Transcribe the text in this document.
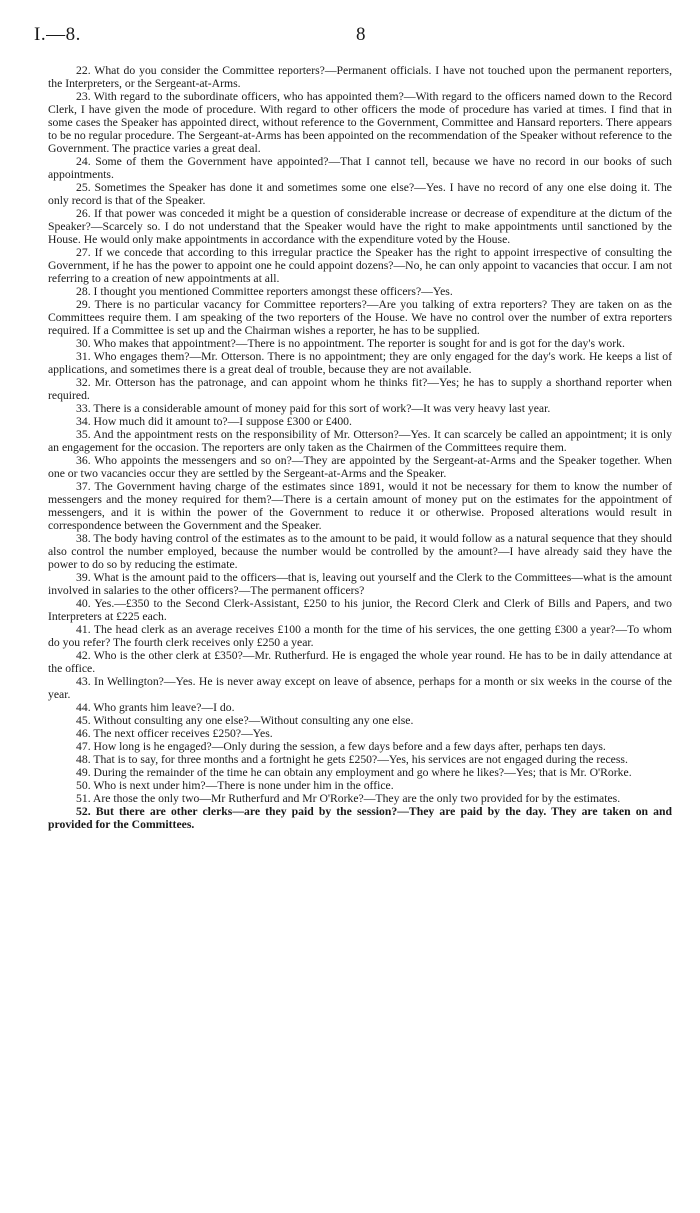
I.—8.	8

22. What do you consider the Committee reporters?—Permanent officials. I have not touched upon the permanent reporters, the Interpreters, or the Sergeant-at-Arms.

23. With regard to the subordinate officers, who has appointed them?—With regard to the officers named down to the Record Clerk, I have given the mode of procedure. With regard to other officers the mode of procedure has varied at times. I find that in some cases the Speaker has appointed direct, without reference to the Government, Committee and Hansard reporters. There appears to be no regular procedure. The Sergeant-at-Arms has been appointed on the recommendation of the Speaker without reference to the Government. The practice varies a great deal.

24. Some of them the Government have appointed?—That I cannot tell, because we have no record in our books of such appointments.

25. Sometimes the Speaker has done it and sometimes some one else?—Yes. I have no record of any one else doing it. The only record is that of the Speaker.

26. If that power was conceded it might be a question of considerable increase or decrease of expenditure at the dictum of the Speaker?—Scarcely so. I do not understand that the Speaker would have the right to make appointments until sanctioned by the House. He would only make appointments in accordance with the expenditure voted by the House.

27. If we concede that according to this irregular practice the Speaker has the right to appoint irrespective of consulting the Government, if he has the power to appoint one he could appoint dozens?—No, he can only appoint to vacancies that occur. I am not referring to a creation of new appointments at all.

28. I thought you mentioned Committee reporters amongst these officers?—Yes.

29. There is no particular vacancy for Committee reporters?—Are you talking of extra reporters? They are taken on as the Committees require them. I am speaking of the two reporters of the House. We have no control over the number of extra reporters required. If a Committee is set up and the Chairman wishes a reporter, he has to be supplied.

30. Who makes that appointment?—There is no appointment. The reporter is sought for and is got for the day's work.

31. Who engages them?—Mr. Otterson. There is no appointment; they are only engaged for the day's work. He keeps a list of applications, and sometimes there is a great deal of trouble, because they are not available.

32. Mr. Otterson has the patronage, and can appoint whom he thinks fit?—Yes; he has to supply a shorthand reporter when required.

33. There is a considerable amount of money paid for this sort of work?—It was very heavy last year.

34. How much did it amount to?—I suppose £300 or £400.

35. And the appointment rests on the responsibility of Mr. Otterson?—Yes. It can scarcely be called an appointment; it is only an engagement for the occasion. The reporters are only taken as the Chairmen of the Committees require them.

36. Who appoints the messengers and so on?—They are appointed by the Sergeant-at-Arms and the Speaker together. When one or two vacancies occur they are settled by the Sergeant-at-Arms and the Speaker.

37. The Government having charge of the estimates since 1891, would it not be necessary for them to know the number of messengers and the money required for them?—There is a certain amount of money put on the estimates for the appointment of messengers, and it is within the power of the Government to reduce it or otherwise. Proposed alterations would result in correspondence between the Government and the Speaker.

38. The body having control of the estimates as to the amount to be paid, it would follow as a natural sequence that they should also control the number employed, because the number would be controlled by the amount?—I have already said they have the power to do so by reducing the estimate.

39. What is the amount paid to the officers—that is, leaving out yourself and the Clerk to the Committees—what is the amount involved in salaries to the other officers?—The permanent officers?

40. Yes.—£350 to the Second Clerk-Assistant, £250 to his junior, the Record Clerk and Clerk of Bills and Papers, and two Interpreters at £225 each.

41. The head clerk as an average receives £100 a month for the time of his services, the one getting £300 a year?—To whom do you refer? The fourth clerk receives only £250 a year.

42. Who is the other clerk at £350?—Mr. Rutherfurd. He is engaged the whole year round. He has to be in daily attendance at the office.

43. In Wellington?—Yes. He is never away except on leave of absence, perhaps for a month or six weeks in the course of the year.

44. Who grants him leave?—I do.

45. Without consulting any one else?—Without consulting any one else.

46. The next officer receives £250?—Yes.

47. How long is he engaged?—Only during the session, a few days before and a few days after, perhaps ten days.

48. That is to say, for three months and a fortnight he gets £250?—Yes, his services are not engaged during the recess.

49. During the remainder of the time he can obtain any employment and go where he likes?—Yes; that is Mr. O'Rorke.

50. Who is next under him?—There is none under him in the office.

51. Are those the only two—Mr Rutherfurd and Mr O'Rorke?—They are the only two provided for by the estimates.

52. But there are other clerks—are they paid by the session?—They are paid by the day. They are taken on and provided for the Committees.
